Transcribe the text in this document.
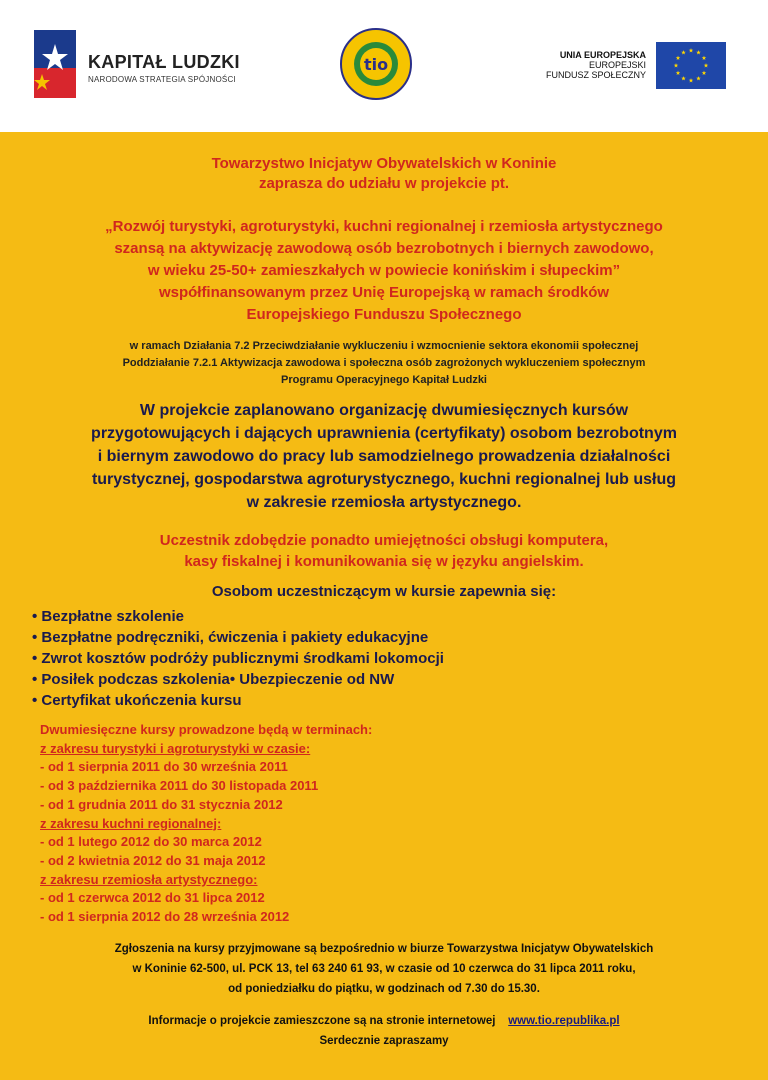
KAPITAŁ LUDZKI
NARODOWA STRATEGIA SPÓJNOŚCI
tio	UNIA EUROPEJSKA
EUROPEJSKI
FUNDUSZ SPOŁECZNY
Towarzystwo Inicjatyw Obywatelskich w Koninie
zaprasza do udziału w projekcie pt.
„Rozwój turystyki, agroturystyki, kuchni regionalnej i rzemiosła artystycznego
szansą na aktywizację zawodową osób bezrobotnych i biernych zawodowo,
w wieku 25-50+ zamieszkałych w powiecie konińskim i słupeckim”
współfinansowanym przez Unię Europejską w ramach środków
Europejskiego Funduszu Społecznego
w ramach Działania 7.2 Przeciwdziałanie wykluczeniu i wzmocnienie sektora ekonomii społecznej
Poddziałanie 7.2.1 Aktywizacja zawodowa i społeczna osób zagrożonych wykluczeniem społecznym
Programu Operacyjnego Kapitał Ludzki
W projekcie zaplanowano organizację dwumiesięcznych kursów
przygotowujących i dających uprawnienia (certyfikaty) osobom bezrobotnym
i biernym zawodowo do pracy lub samodzielnego prowadzenia działalności
turystycznej, gospodarstwa agroturystycznego, kuchni regionalnej lub usług
w zakresie rzemiosła artystycznego.
Uczestnik zdobędzie ponadto umiejętności obsługi komputera,
kasy fiskalnej i komunikowania się w języku angielskim.
Osobom uczestniczącym w kursie zapewnia się:
• Bezpłatne szkolenie
• Bezpłatne podręczniki, ćwiczenia i pakiety edukacyjne
• Zwrot kosztów podróży publicznymi środkami lokomocji
• Posiłek podczas szkolenia• Ubezpieczenie od NW
• Certyfikat ukończenia kursu
Dwumiesięczne kursy prowadzone będą w terminach:
z zakresu turystyki i agroturystyki w czasie:
- od 1 sierpnia 2011 do 30 września 2011
- od 3 października 2011 do 30 listopada 2011
- od 1 grudnia 2011 do 31 stycznia 2012
z zakresu kuchni regionalnej:
- od 1 lutego 2012 do 30 marca 2012
- od 2 kwietnia 2012 do 31 maja 2012
z zakresu rzemiosła artystycznego:
- od 1 czerwca 2012 do 31 lipca 2012
- od 1 sierpnia 2012 do 28 września 2012
Zgłoszenia na kursy przyjmowane są bezpośrednio w biurze Towarzystwa Inicjatyw Obywatelskich
w Koninie 62-500, ul. PCK 13, tel 63 240 61 93, w czasie od 10 czerwca do 31 lipca 2011 roku,
od poniedziałku do piątku, w godzinach od 7.30 do 15.30.
Informacje o projekcie zamieszczone są na stronie internetowej www.tio.republika.pl
Serdecznie zapraszamy
